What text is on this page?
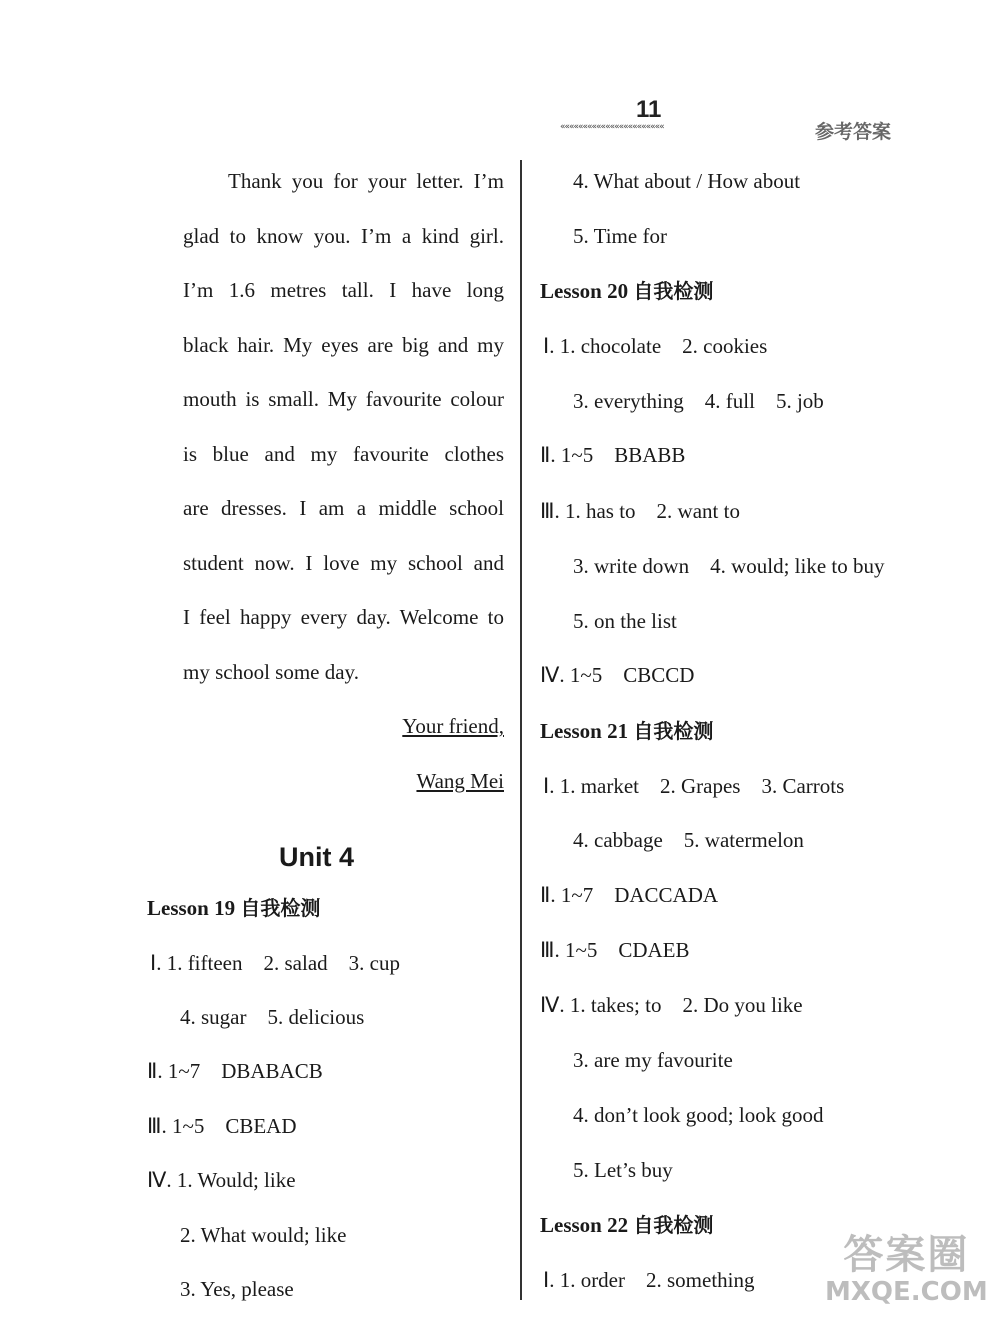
11
«««««««««««««««««««««««	参考答案
Thank you for your letter. I’m
glad to know you. I’m a kind girl.
I’m 1.6 metres tall. I have long
black hair. My eyes are big and my
mouth is small. My favourite colour
is blue and my favourite clothes
are dresses. I am a middle school
student now. I love my school and
I feel happy every day. Welcome to
my school some day.
Your friend,
Wang Mei
Unit 4
Lesson 19 自我检测
Ⅰ. 1. fifteen    2. salad    3. cup
4. sugar    5. delicious
Ⅱ. 1~7    DBABACB
Ⅲ. 1~5    CBEAD
Ⅳ. 1. Would; like
2. What would; like
3. Yes, please
4. What about / How about
5. Time for
Lesson 20 自我检测
Ⅰ. 1. chocolate    2. cookies
3. everything    4. full    5. job
Ⅱ. 1~5    BBABB
Ⅲ. 1. has to    2. want to
3. write down    4. would; like to buy
5. on the list
Ⅳ. 1~5    CBCCD
Lesson 21 自我检测
Ⅰ. 1. market    2. Grapes    3. Carrots
4. cabbage    5. watermelon
Ⅱ. 1~7    DACCADA
Ⅲ. 1~5    CDAEB
Ⅳ. 1. takes; to    2. Do you like
3. are my favourite
4. don’t look good; look good
5. Let’s buy
Lesson 22 自我检测
Ⅰ. 1. order    2. something
答案圈
MXQE.COM
